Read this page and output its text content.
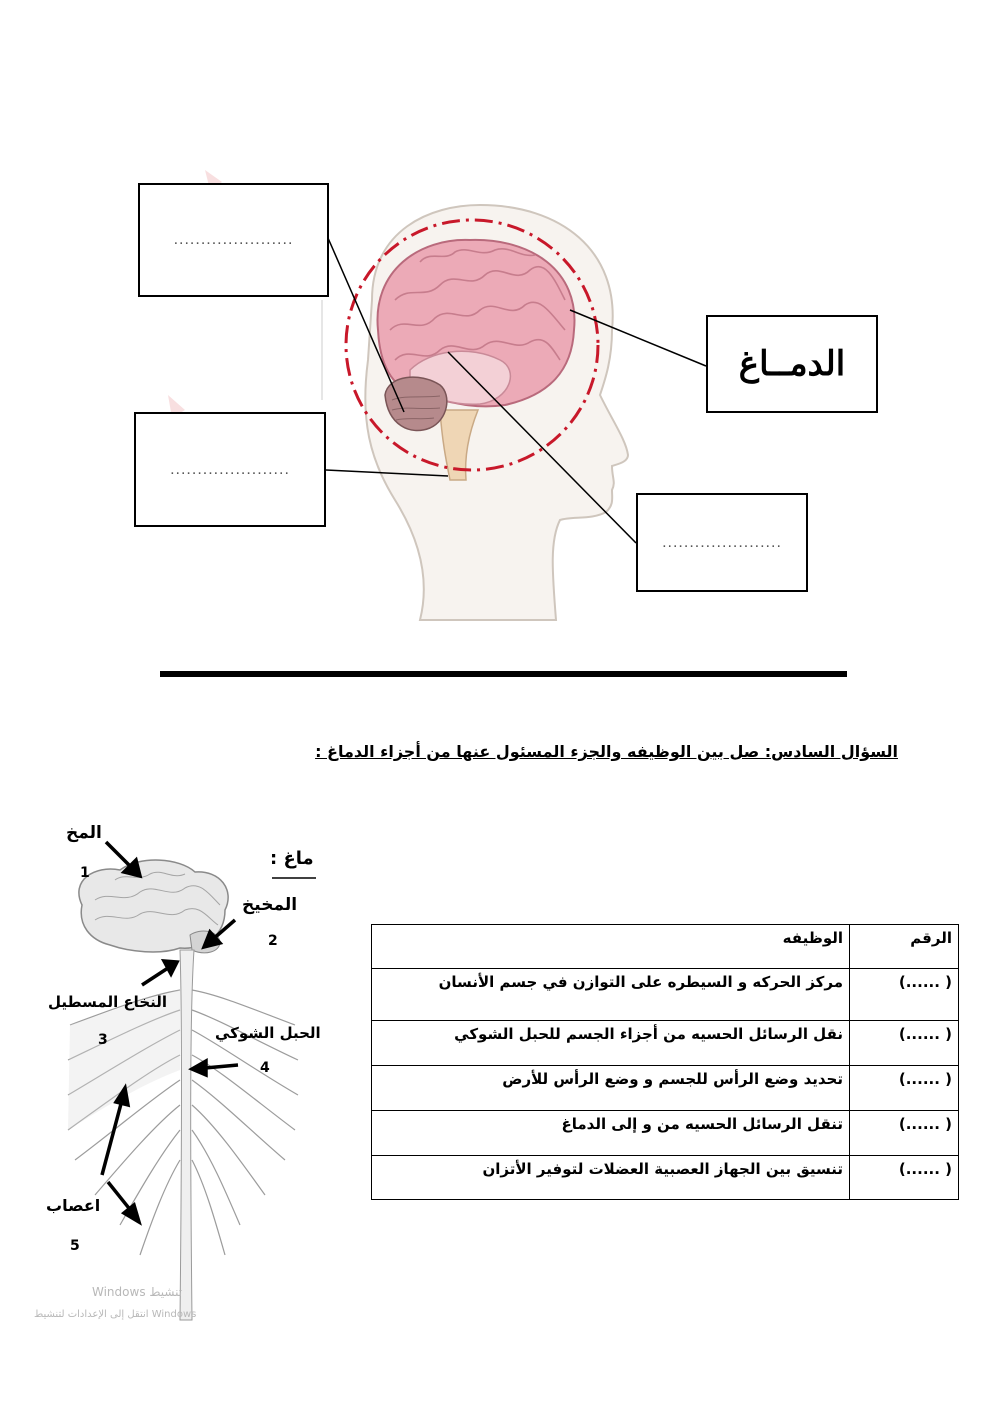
......................
......................
الدمــاغ
......................
السؤال السادس: صل بين الوظيفه والجزء المسئول عنها من أجزاء الدماغ :
ماغ :
المخ
1
المخيخ
2
النخاع المسطيل
3	الحبل الشوكي
4
اعصاب
5
Windows تنشيط
انتقل إلى الإعدادات لتنشيط Windows
الرقم	الوظيفه
( ......)	مركز الحركه و السيطره على التوازن في جسم الأنسان
( ......)	نقل الرسائل الحسيه من أجزاء الجسم للحبل الشوكي
( ......)	تحديد وضع الرأس للجسم و وضع الرأس للأرض
( ......)	تنقل الرسائل الحسيه من و إلى الدماغ
( ......)	تنسيق بين الجهاز العصبية العضلات لتوفير الأتزان
